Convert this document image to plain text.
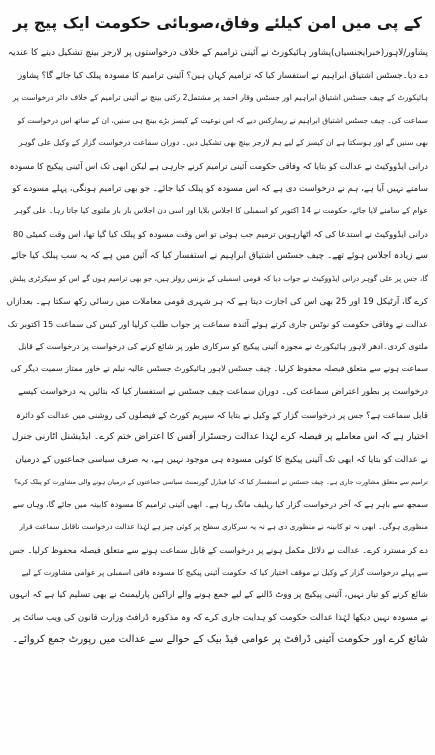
کے پی میں امن کیلئے وفاق،صوبائی حکومت ایک پیج پر
پشاور/لاہور(خبرایجنسیاں)پشاور ہائیکورٹ نے آئینی ترامیم کے خلاف درخواستوں پر لارجر بینچ تشکیل دینے کا عندیہ
دے دیا۔جسٹس اشتیاق ابراہیم نے استفسار کیا کہ ترامیم کہاں ہیں؟ آئینی ترامیم کا مسودہ پبلک کیا جائے گا؟ پشاور
ہائیکورٹ کے چیف جسٹس اشتیاق ابراہیم اور جسٹس وقار احمد پر مشتمل2 رکنی بینچ نے آئینی ترامیم کے خلاف دائر درخواست پر
سماعت کی۔ چیف جسٹس اشتیاق ابراہیم نے ریمارکس دیے کہ اس نوعیت کے کیسز بڑے بینچ ہی سنیں، ان کے ساتھ اس درخواست کو
بھی سنیں گے اور ہوسکتا ہے ان کیسز کے لیے ہم لارجر بینچ بھی تشکیل دیں۔ دوران سماعت درخواست گزار کے وکیل علی گوہر
درانی ایڈووکیٹ نے عدالت کو بتایا کہ وفاقی حکومت آئینی ترامیم کرنے جارہی ہے لیکن ابھی تک اس آئینی پیکیج کا مسودہ
سامنے نہیں آیا ہے، ہم نے درخواست دی ہے کہ اس مسودہ کو پبلک کیا جائے۔ جو بھی ترامیم ہونگی، پہلے مسودے کو
عوام کے سامنے لایا جائے، حکومت نے 14 اکتوبر کو اسمبلی کا اجلاس بلایا اور اسی دن اجلاس بار بار ملتوی کیا جاتا رہا۔ علی گوہر
درانی ایڈووکیٹ نے استدعا کی کہ اٹھارہویں ترمیم جب ہوئی تو اس وقت مسودہ کو پبلک کیا گیا تھا، اس وقت کمیٹی 80
سے زیادہ اجلاس ہوئے تھے۔ چیف جسٹس اشتیاق ابراہیم نے استفسار کیا کہ آئین میں ہے کہ یہ سب پبلک کیا جائے
گا، جس پر علی گوہر درانی ایڈووکیٹ نے جواب دیا کہ قومی اسمبلی کے بزنس رولز ہیں، جو بھی ترامیم ہوں گے اس کو سیکرٹری پبلش
کرے گا، آرٹیکل 19 اور 25 بھی اس کی اجازت دیتا ہے کہ ہر شہری قومی معاملات میں رسائی رکھ سکتا ہے۔ بعدازاں
عدالت نے وفاقی حکومت کو نوٹس جاری کرتے ہوئے آئندہ سماعت پر جواب طلب کرلیا اور کیس کی سماعت 15 اکتوبر تک
ملتوی کردی۔ادھر لاہور ہائیکورٹ نے مجوزہ آئینی پیکیج کو سرکاری طور پر شائع کرنے کی درخواست پر درخواست کے قابل
سماعت ہونے سے متعلق فیصلہ محفوظ کرلیا۔ چیف جسٹس لاہور ہائیکورٹ جسٹس عالیہ نیلم نے خاور ممتاز سمیت دیگر کی
درخواست پر بطور اعتراض سماعت کی۔ دوران سماعت چیف جسٹس نے استفسار کیا کہ بتائیں یہ درخواست کیسے
قابل سماعت ہے؟ جس پر درخواست گزار کے وکیل نے بتایا کہ سپریم کورٹ کے فیصلوں کی روشنی میں عدالت کو دائرہ
اختیار ہے کہ اس معاملے پر فیصلہ کرے لہٰذا عدالت رجسٹرار آفس کا اعتراض ختم کرے۔ ایڈیشنل اٹارنی جنرل
نے عدالت کو بتایا کہ ابھی تک آئینی پیکیج کا کوئی مسودہ ہی موجود نہیں ہے، یہ صرف سیاسی جماعتوں کے درمیان
ترامیم سے متعلق مشاورت جاری ہے۔ چیف جسٹس نے استفسار کیا کہ کیا فیڈرل گورنمنٹ سیاسی جماعتوں کے درمیان ہونے والی مشاورت کو پبلک کرے؟
سمجھ سے باہر ہے کہ آخر درخواست گزار کیا ریلیف مانگ رہا ہے۔ ابھی آئینی ترامیم کا مسودہ کابینہ میں جائے گا، وہاں سے
منظوری ہوگی۔ ابھی نہ تو کابینہ نے منظوری دی ہے نہ یہ سرکاری سطح پر کوئی چیز ہے لہٰذا عدالت درخواست ناقابل سماعت قرار
دے کر مسترد کرے۔ عدالت نے دلائل مکمل ہونے پر درخواست کے قابل سماعت ہونے سے متعلق فیصلہ محفوظ کرلیا۔ جس
سے پہلے درخواست گزار کے وکیل نے موقف اختیار کیا کہ حکومت آئینی پیکیج کا مسودہ فاقی اسمبلی پر عوامی مشاورت کے لیے
شائع کرنے کو تیار نہیں، آئینی پیکیج پر ووٹ ڈالنے کے لیے جمع ہونے والے اراکین پارلیمنٹ نے بھی تسلیم کیا ہے کہ انہوں
نے مسودہ نہیں دیکھا لہٰذا عدالت حکومت کو ہدایت جاری کرے کہ وہ مذکورہ ڈرافٹ وزارت قانون کی ویب سائٹ پر
شائع کرے اور حکومت آئینی ڈرافٹ پر عوامی فیڈ بیک کے حوالے سے عدالت میں رپورٹ جمع کروائے۔
